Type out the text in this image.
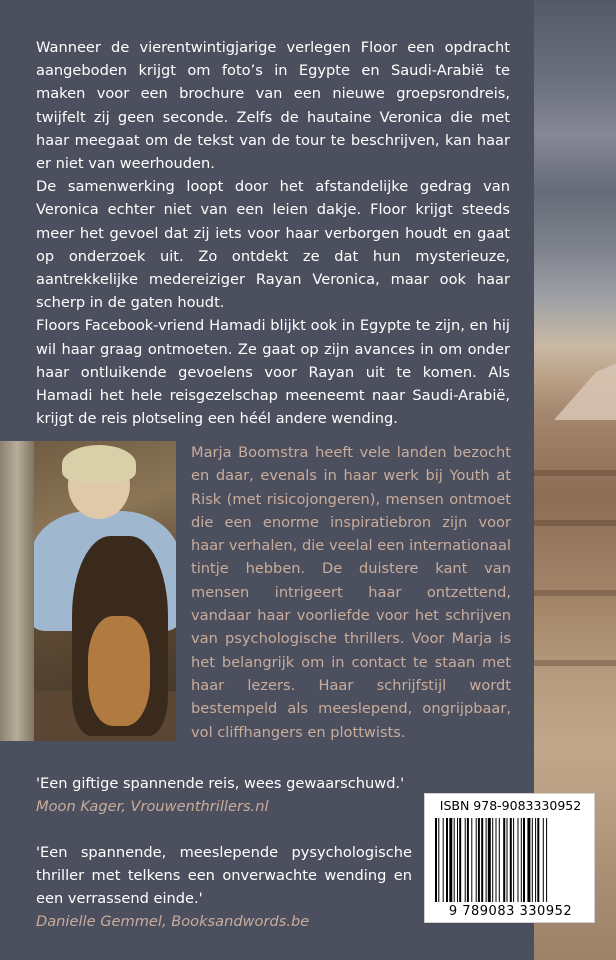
Wanneer de vierentwintigjarige verlegen Floor een opdracht aangeboden krijgt om foto’s in Egypte en Saudi-Arabië te maken voor een brochure van een nieuwe groepsrondreis, twijfelt zij geen seconde. Zelfs de hautaine Veronica die met haar meegaat om de tekst van de tour te beschrijven, kan haar er niet van weerhouden.

De samenwerking loopt door het afstandelijke gedrag van Veronica echter niet van een leien dakje. Floor krijgt steeds meer het gevoel dat zij iets voor haar verborgen houdt en gaat op onderzoek uit. Zo ontdekt ze dat hun mysterieuze, aantrekkelijke medereiziger Rayan Veronica, maar ook haar scherp in de gaten houdt.

Floors Facebook-vriend Hamadi blijkt ook in Egypte te zijn, en hij wil haar graag ontmoeten. Ze gaat op zijn avances in om onder haar ontluikende gevoelens voor Rayan uit te komen. Als Hamadi het hele reisgezelschap meeneemt naar Saudi-Arabië, krijgt de reis plotseling een héél andere wending.

Marja Boomstra heeft vele landen bezocht en daar, evenals in haar werk bij Youth at Risk (met risicojongeren), mensen ontmoet die een enorme inspiratiebron zijn voor haar verhalen, die veelal een internationaal tintje hebben. De duistere kant van mensen intrigeert haar ontzettend, vandaar haar voorliefde voor het schrijven van psychologische thrillers. Voor Marja is het belangrijk om in contact te staan met haar lezers. Haar schrijfstijl wordt bestempeld als meeslepend, ongrijpbaar, vol cliffhangers en plottwists.

'Een giftige spannende reis, wees gewaarschuwd.'
Moon Kager, Vrouwenthrillers.nl

'Een spannende, meeslepende pysychologische thriller met telkens een onverwachte wending en een verrassend einde.'
Danielle Gemmel, Booksandwords.be

ISBN 978-9083330952
9 789083 330952
